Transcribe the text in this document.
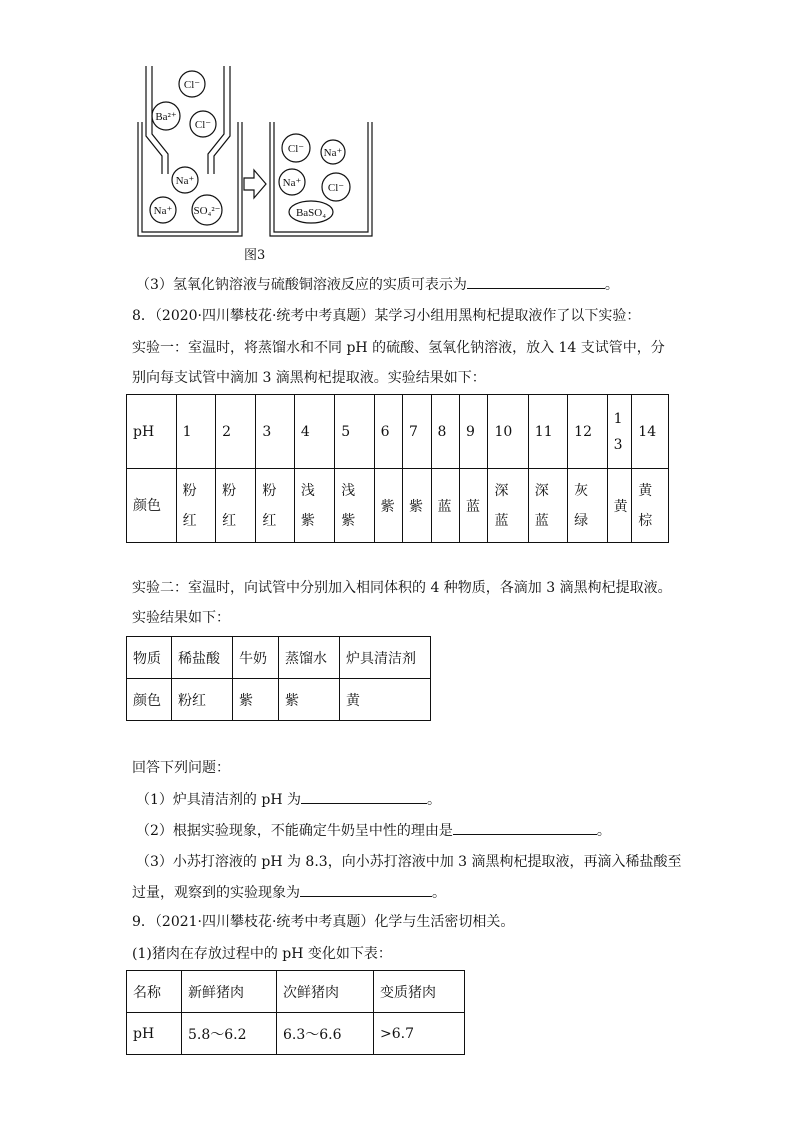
Cl⁻
Ba²⁺
Cl⁻
Na⁺
Na⁺ SO₄²⁻
Cl⁻ Na⁺
Na⁺ Cl⁻
BaSO₄
图3
（3）氢氧化钠溶液与硫酸铜溶液反应的实质可表示为	。
8．（2020·四川攀枝花·统考中考真题）某学习小组用黑枸杞提取液作了以下实验：
实验一：室温时，将蒸馏水和不同 pH 的硫酸、氢氧化钠溶液，放入 14 支试管中，分
别向每支试管中滴加 3 滴黑枸杞提取液。实验结果如下：
pH	1	2	3	4	5	6	7	8	9	10	11	12	13	14
颜色	粉红	粉红	粉红	浅紫	浅紫	紫	紫	蓝	蓝	深蓝	深蓝	灰绿	黄	黄棕
实验二：室温时，向试管中分别加入相同体积的 4 种物质，各滴加 3 滴黑枸杞提取液。
实验结果如下：
物质	稀盐酸	牛奶	蒸馏水	炉具清洁剂
颜色	粉红	紫	紫	黄
回答下列问题：
（1）炉具清洁剂的 pH 为	。
（2）根据实验现象，不能确定牛奶呈中性的理由是	。
（3）小苏打溶液的 pH 为 8.3，向小苏打溶液中加 3 滴黑枸杞提取液，再滴入稀盐酸至
过量，观察到的实验现象为	。
9．（2021·四川攀枝花·统考中考真题）化学与生活密切相关。
(1)猪肉在存放过程中的 pH 变化如下表：
名称	新鲜猪肉	次鲜猪肉	变质猪肉
pH	5.8～6.2	6.3～6.6	>6.7
